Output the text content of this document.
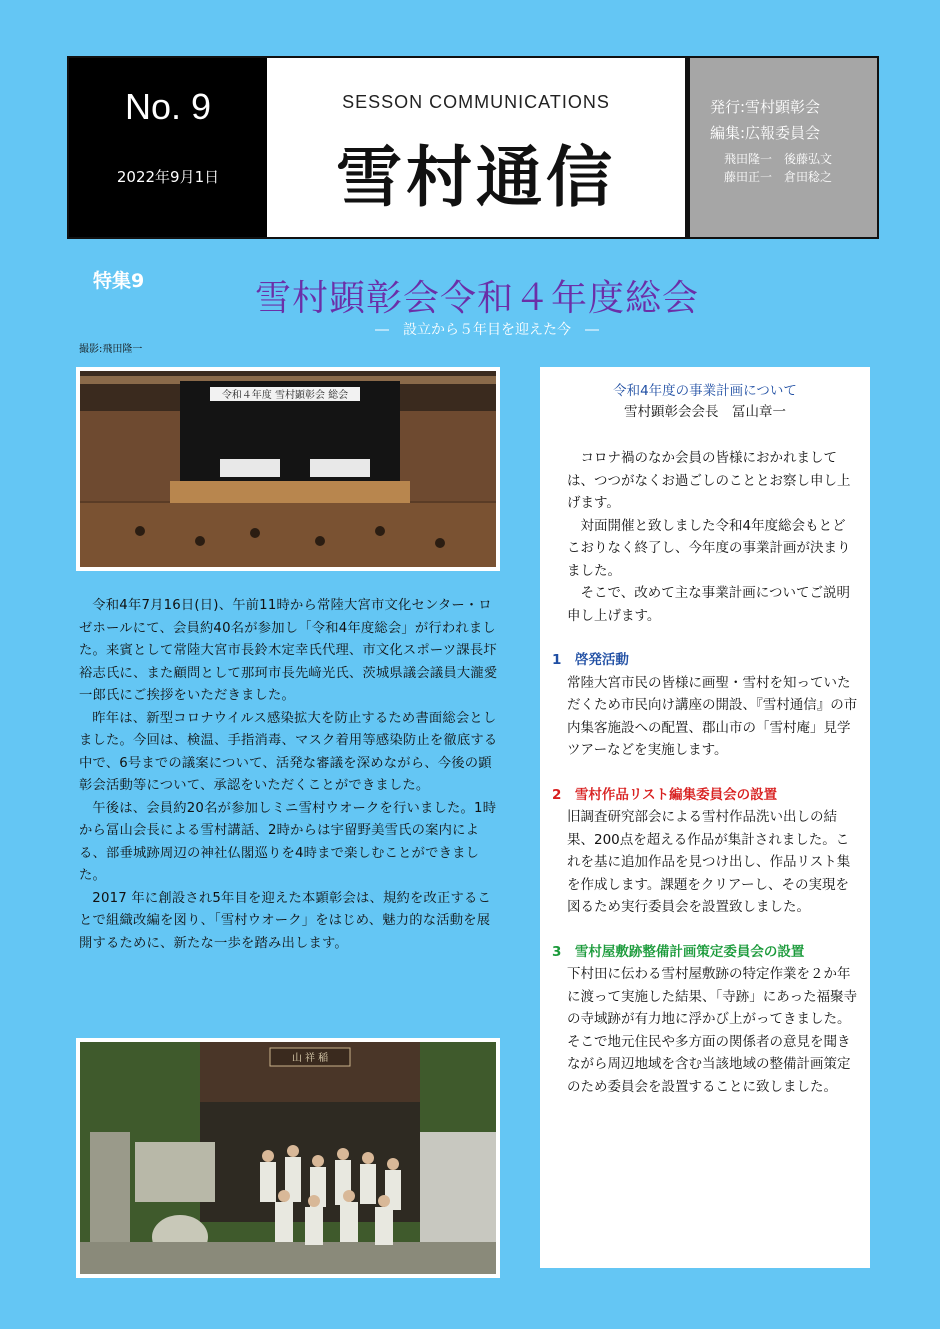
No. 9
2022年9月1日
SESSON COMMUNICATIONS
雪村通信
発行:雪村顕彰会
編集:広報委員会
飛田隆一　後藤弘文
藤田正一　倉田稔之
特集9	雪村顕彰会令和４年度総会
―　設立から５年目を迎えた今　―
撮影:飛田隆一
令和４年度 雪村顕彰会 総会

令和4年7月16日(日)、午前11時から常陸大宮市文化センター・ロゼホールにて、会員約40名が参加し「令和4年度総会」が行われました。来賓として常陸大宮市長鈴木定幸氏代理、市文化スポーツ課長圷裕志氏に、また顧問として那珂市長先﨑光氏、茨城県議会議員大瀧愛一郎氏にご挨拶をいただきました。

昨年は、新型コロナウイルス感染拡大を防止するため書面総会としました。今回は、検温、手指消毒、マスク着用等感染防止を徹底する中で、6号までの議案について、活発な審議を深めながら、今後の顕彰会活動等について、承認をいただくことができました。

午後は、会員約20名が参加しミニ雪村ウオークを行いました。1時から冨山会長による雪村講話、2時からは宇留野美雪氏の案内による、部垂城跡周辺の神社仏閣巡りを4時まで楽しむことができました。

2017 年に創設され5年目を迎えた本顕彰会は、規約を改正することで組織改編を図り、「雪村ウオーク」をはじめ、魅力的な活動を展開するために、新たな一歩を踏み出します。

山 祥 稲
令和4年度の事業計画について
雪村顕彰会会長　冨山章一

コロナ禍のなか会員の皆様におかれましては、つつがなくお過ごしのこととお察し申し上げます。

対面開催と致しました令和4年度総会もとどこおりなく終了し、今年度の事業計画が決まりました。

そこで、改めて主な事業計画についてご説明申し上げます。

1　啓発活動
常陸大宮市民の皆様に画聖・雪村を知っていただくため市民向け講座の開設、『雪村通信』の市内集客施設への配置、郡山市の「雪村庵」見学ツアーなどを実施します。
2　雪村作品リスト編集委員会の設置
旧調査研究部会による雪村作品洗い出しの結果、200点を超える作品が集計されました。これを基に追加作品を見つけ出し、作品リスト集を作成します。課題をクリアーし、その実現を図るため実行委員会を設置致しました。
3　雪村屋敷跡整備計画策定委員会の設置
下村田に伝わる雪村屋敷跡の特定作業を２か年に渡って実施した結果、「寺跡」にあった福聚寺の寺域跡が有力地に浮かび上がってきました。そこで地元住民や多方面の関係者の意見を聞きながら周辺地域を含む当該地域の整備計画策定のため委員会を設置することに致しました。
